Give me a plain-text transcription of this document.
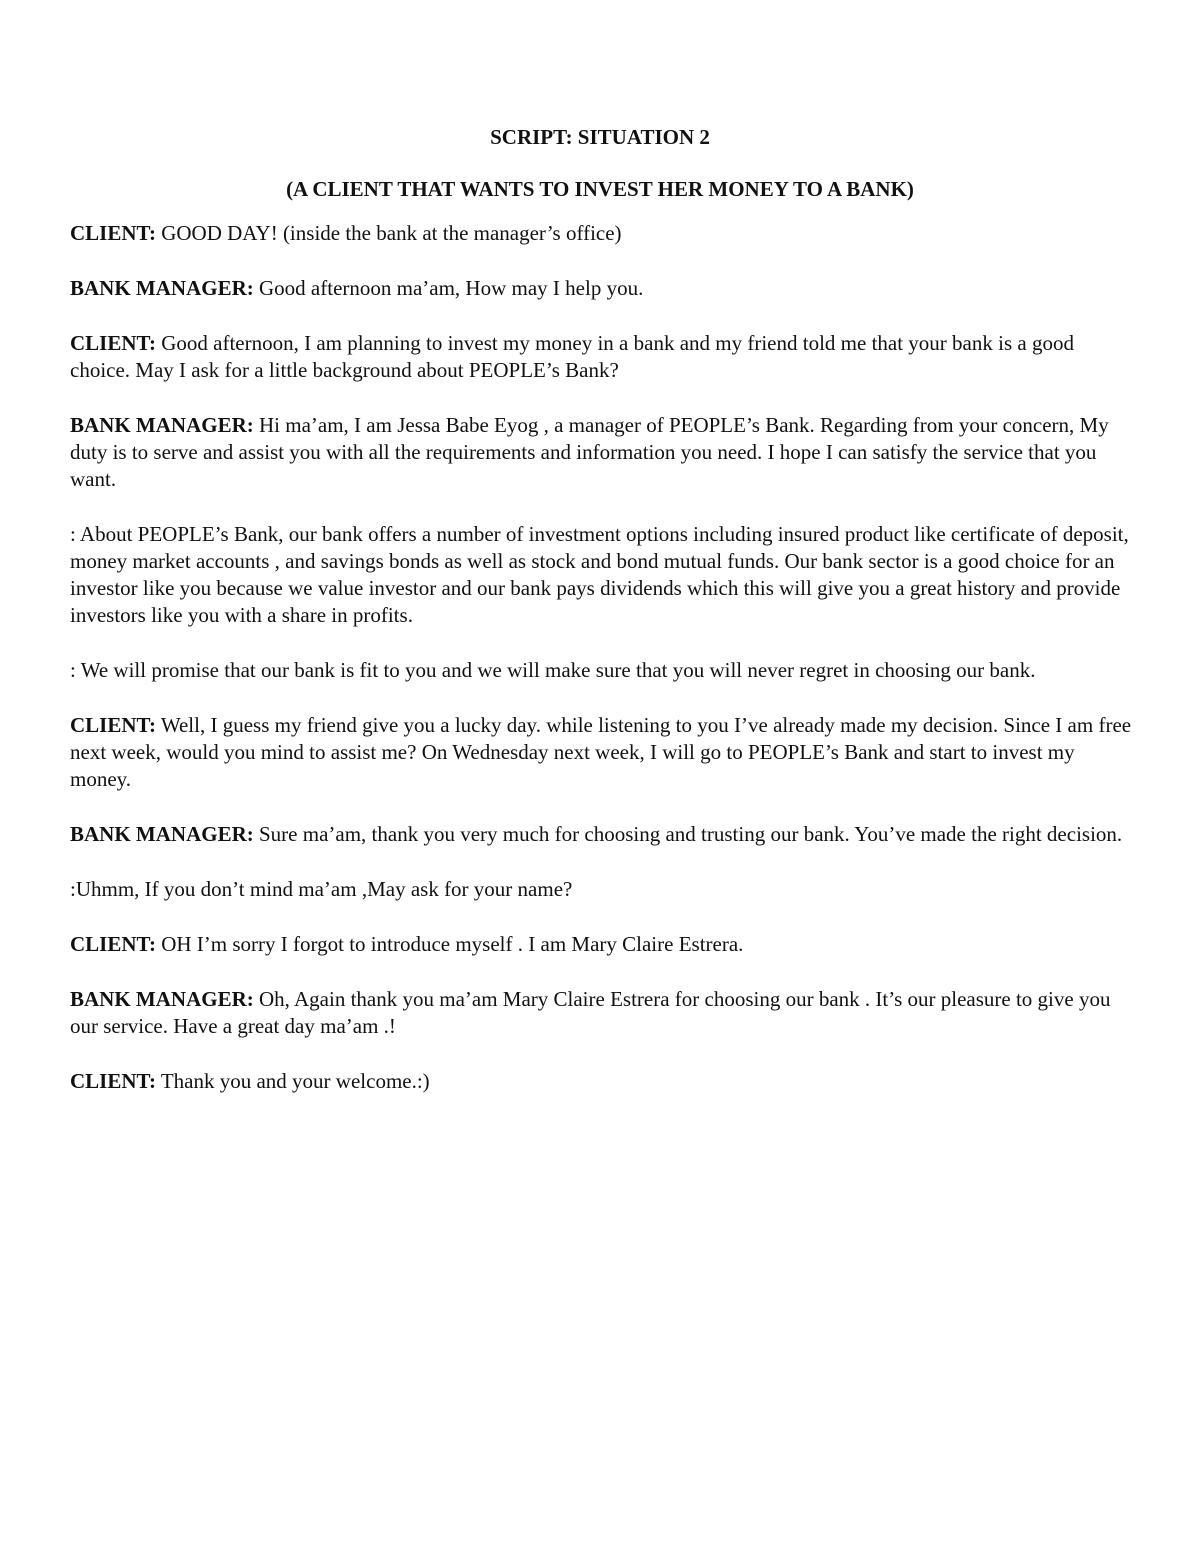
SCRIPT: SITUATION 2
(A CLIENT THAT WANTS TO INVEST HER MONEY TO A BANK)

CLIENT: GOOD DAY! (inside the bank at the manager’s office)

BANK MANAGER: Good afternoon ma’am, How may I help you.

CLIENT: Good afternoon, I am planning to invest my money in a bank and my friend told me that your bank is a good choice. May I ask for a little background about PEOPLE’s Bank?

BANK MANAGER: Hi ma’am, I am Jessa Babe Eyog , a manager of PEOPLE’s Bank. Regarding from your concern, My duty is to serve and assist you with all the requirements and information you need. I hope I can satisfy the service that you want.

: About PEOPLE’s Bank, our bank offers a number of investment options including insured product like certificate of deposit, money market accounts , and savings bonds as well as stock and bond mutual funds. Our bank sector is a good choice for an investor like you because we value investor and our bank pays dividends which this will give you a great history and provide investors like you with a share in profits.

: We will promise that our bank is fit to you and we will make sure that you will never regret in choosing our bank.

CLIENT: Well, I guess my friend give you a lucky day. while listening to you I’ve already made my decision. Since I am free next week, would you mind to assist me? On Wednesday next week, I will go to PEOPLE’s Bank and start to invest my money.

BANK MANAGER: Sure ma’am, thank you very much for choosing and trusting our bank. You’ve made the right decision.

:Uhmm, If you don’t mind ma’am ,May ask for your name?

CLIENT: OH I’m sorry I forgot to introduce myself . I am Mary Claire Estrera.

BANK MANAGER: Oh, Again thank you ma’am Mary Claire Estrera for choosing our bank . It’s our pleasure to give you our service. Have a great day ma’am .!

CLIENT: Thank you and your welcome.:)
